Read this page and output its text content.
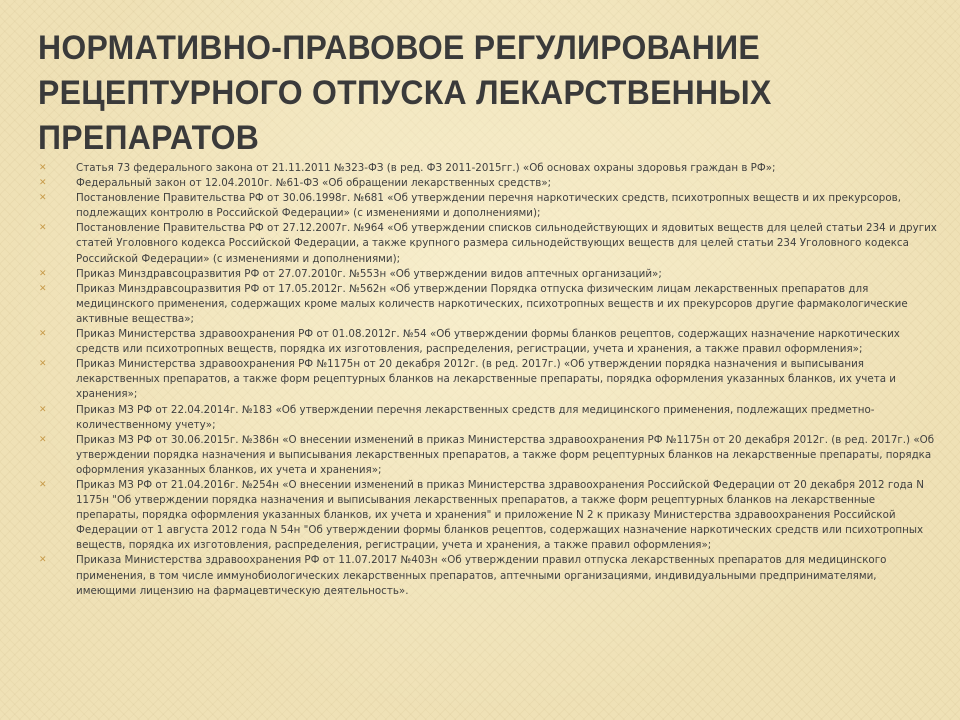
НОРМАТИВНО-ПРАВОВОЕ РЕГУЛИРОВАНИЕ
РЕЦЕПТУРНОГО ОТПУСКА ЛЕКАРСТВЕННЫХ
ПРЕПАРАТОВ
✕	Статья 73 федерального закона от 21.11.2011 №323-ФЗ (в ред. ФЗ 2011-2015гг.) «Об основах охраны здоровья граждан в РФ»;
✕	Федеральный закон от 12.04.2010г. №61-ФЗ «Об обращении лекарственных средств»;
✕	Постановление Правительства РФ от 30.06.1998г. №681 «Об утверждении перечня наркотических средств, психотропных веществ и их прекурсоров, подлежащих контролю в Российской Федерации» (с изменениями и дополнениями);
✕	Постановление Правительства РФ от 27.12.2007г. №964 «Об утверждении списков сильнодействующих и ядовитых веществ для целей статьи 234 и других статей Уголовного кодекса Российской Федерации, а также крупного размера сильнодействующих веществ для целей статьи 234 Уголовного кодекса Российской Федерации» (с изменениями и дополнениями);
✕	Приказ Минздравсоцразвития РФ от 27.07.2010г. №553н «Об утверждении видов аптечных организаций»;
✕	Приказ Минздравсоцразвития РФ от 17.05.2012г. №562н «Об утверждении Порядка отпуска физическим лицам лекарственных препаратов для медицинского применения, содержащих кроме малых количеств наркотических, психотропных веществ и их прекурсоров другие фармакологические активные вещества»;
✕	Приказ Министерства здравоохранения РФ от 01.08.2012г. №54 «Об утверждении формы бланков рецептов, содержащих назначение наркотических средств или психотропных веществ, порядка их изготовления, распределения, регистрации, учета и хранения, а также правил оформления»;
✕	Приказ Министерства здравоохранения РФ №1175н от 20 декабря 2012г. (в ред. 2017г.) «Об утверждении порядка назначения и выписывания лекарственных препаратов, а также форм рецептурных бланков на лекарственные препараты, порядка оформления указанных бланков, их учета и хранения»;
✕	Приказ МЗ РФ от 22.04.2014г. №183 «Об утверждении перечня лекарственных средств для медицинского применения, подлежащих предметно-количественному учету»;
✕	Приказ МЗ РФ от 30.06.2015г. №386н «О внесении изменений в приказ Министерства здравоохранения РФ №1175н от 20 декабря 2012г. (в ред. 2017г.) «Об утверждении порядка назначения и выписывания лекарственных препаратов, а также форм рецептурных бланков на лекарственные препараты, порядка оформления указанных бланков, их учета и хранения»;
✕	Приказ МЗ РФ от 21.04.2016г. №254н «О внесении изменений в приказ Министерства здравоохранения Российской Федерации от 20 декабря 2012 года N 1175н "Об утверждении порядка назначения и выписывания лекарственных препаратов, а также форм рецептурных бланков на лекарственные препараты, порядка оформления указанных бланков, их учета и хранения" и приложение N 2 к приказу Министерства здравоохранения Российской Федерации от 1 августа 2012 года N 54н "Об утверждении формы бланков рецептов, содержащих назначение наркотических средств или психотропных веществ, порядка их изготовления, распределения, регистрации, учета и хранения, а также правил оформления»;
✕	Приказа Министерства здравоохранения РФ от 11.07.2017 №403н «Об утверждении правил отпуска лекарственных препаратов для медицинского применения, в том числе иммунобиологических лекарственных препаратов, аптечными организациями, индивидуальными предпринимателями, имеющими лицензию на фармацевтическую деятельность».
